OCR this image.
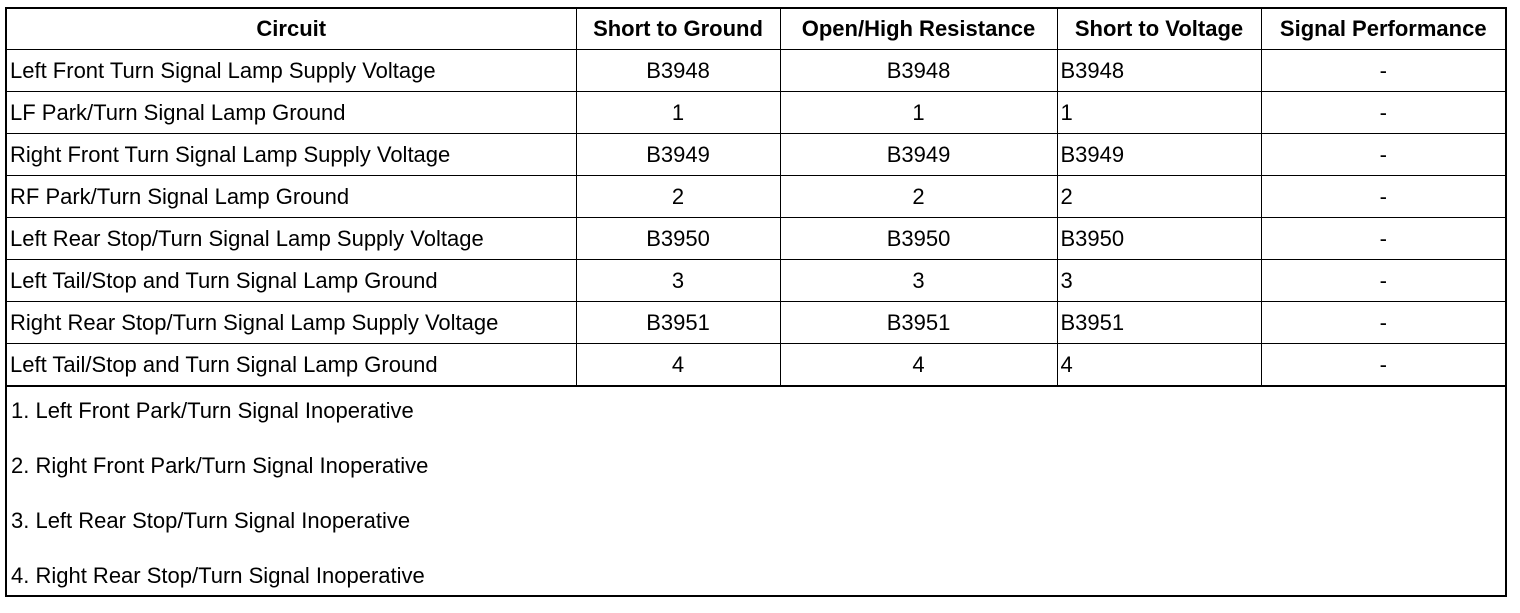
Circuit	Short to Ground	Open/High Resistance	Short to Voltage	Signal Performance
Left Front Turn Signal Lamp Supply Voltage	B3948	B3948	B3948	-
LF Park/Turn Signal Lamp Ground	1	1	1	-
Right Front Turn Signal Lamp Supply Voltage	B3949	B3949	B3949	-
RF Park/Turn Signal Lamp Ground	2	2	2	-
Left Rear Stop/Turn Signal Lamp Supply Voltage	B3950	B3950	B3950	-
Left Tail/Stop and Turn Signal Lamp Ground	3	3	3	-
Right Rear Stop/Turn Signal Lamp Supply Voltage	B3951	B3951	B3951	-
Left Tail/Stop and Turn Signal Lamp Ground	4	4	4	-
1. Left Front Park/Turn Signal Inoperative
2. Right Front Park/Turn Signal Inoperative
3. Left Rear Stop/Turn Signal Inoperative
4. Right Rear Stop/Turn Signal Inoperative
